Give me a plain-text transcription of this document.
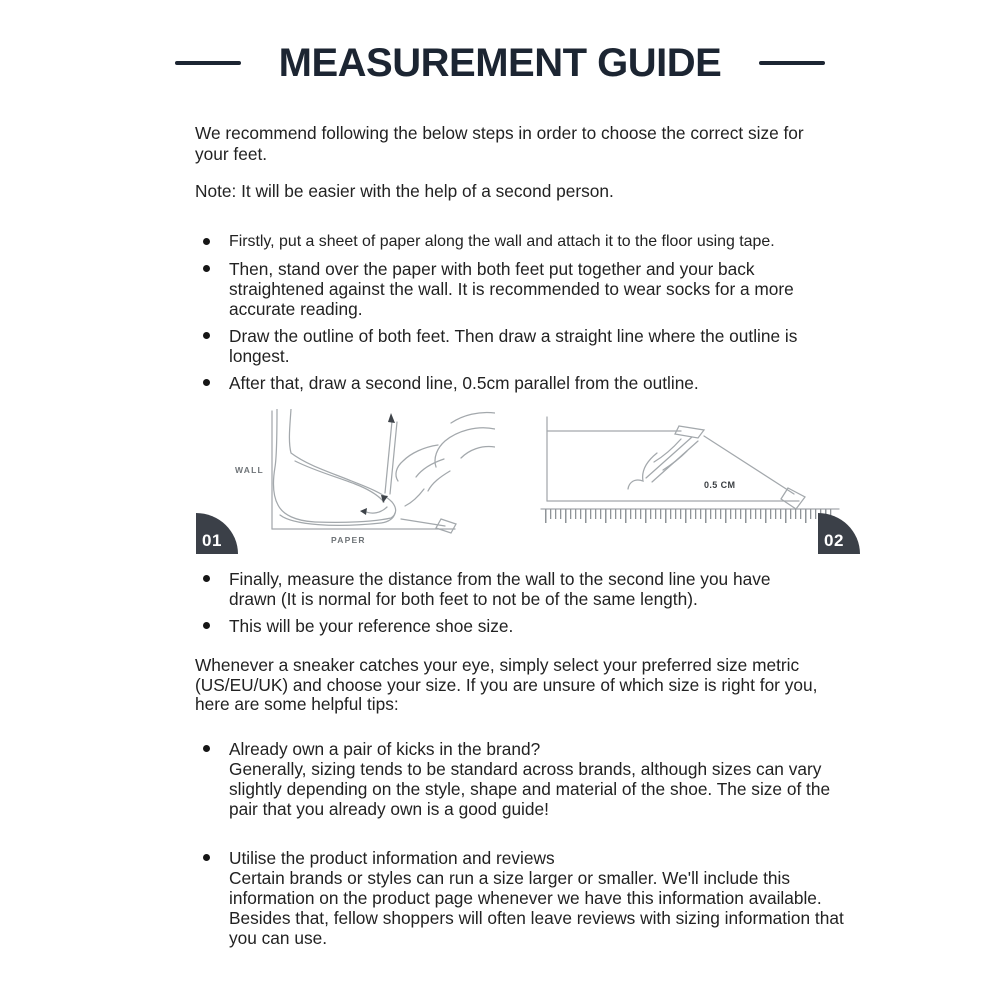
MEASUREMENT GUIDE

We recommend following the below steps in order to choose the correct size for your feet.

Note: It will be easier with the help of a second person.

Firstly, put a sheet of paper along the wall and attach it to the floor using tape.
Then, stand over the paper with both feet put together and your back straightened against the wall. It is recommended to wear socks for a more accurate reading.
Draw the outline of both feet. Then draw a straight line where the outline is longest.
After that, draw a second line, 0.5cm parallel from the outline.
WALL
PAPER
01
0.5 CM
02
Finally, measure the distance from the wall to the second line you have drawn (It is normal for both feet to not be of the same length).
This will be your reference shoe size.

Whenever a sneaker catches your eye, simply select your preferred size metric (US/EU/UK) and choose your size. If you are unsure of which size is right for you, here are some helpful tips:

Already own a pair of kicks in the brand?
Generally, sizing tends to be standard across brands, although sizes can vary slightly depending on the style, shape and material of the shoe. The size of the pair that you already own is a good guide!
Utilise the product information and reviews
Certain brands or styles can run a size larger or smaller. We'll include this information on the product page whenever we have this information available. Besides that, fellow shoppers will often leave reviews with sizing information that you can use.
